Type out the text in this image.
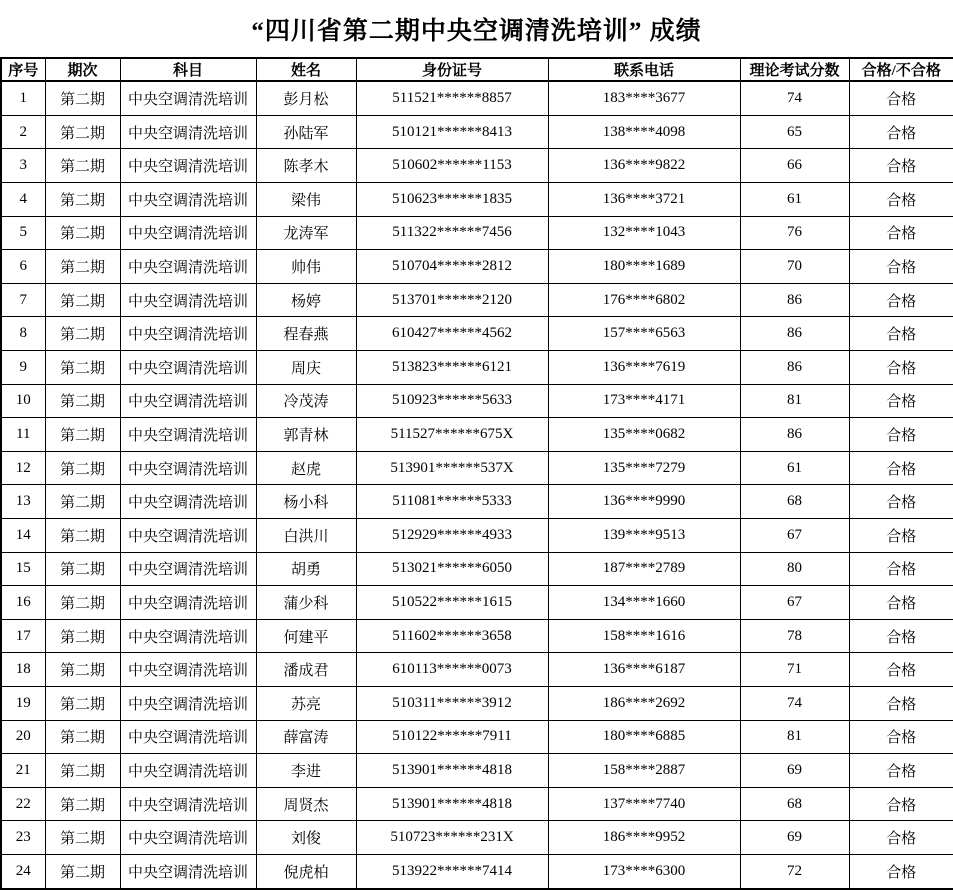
“四川省第二期中央空调清洗培训” 成绩
序号	期次	科目	姓名	身份证号	联系电话	理论考试分数	合格/不合格
1	第二期	中央空调清洗培训	彭月松	511521******8857	183****3677	74	合格
2	第二期	中央空调清洗培训	孙陆军	510121******8413	138****4098	65	合格
3	第二期	中央空调清洗培训	陈孝木	510602******1153	136****9822	66	合格
4	第二期	中央空调清洗培训	梁伟	510623******1835	136****3721	61	合格
5	第二期	中央空调清洗培训	龙涛军	511322******7456	132****1043	76	合格
6	第二期	中央空调清洗培训	帅伟	510704******2812	180****1689	70	合格
7	第二期	中央空调清洗培训	杨婷	513701******2120	176****6802	86	合格
8	第二期	中央空调清洗培训	程春燕	610427******4562	157****6563	86	合格
9	第二期	中央空调清洗培训	周庆	513823******6121	136****7619	86	合格
10	第二期	中央空调清洗培训	冷茂涛	510923******5633	173****4171	81	合格
11	第二期	中央空调清洗培训	郭青林	511527******675X	135****0682	86	合格
12	第二期	中央空调清洗培训	赵虎	513901******537X	135****7279	61	合格
13	第二期	中央空调清洗培训	杨小科	511081******5333	136****9990	68	合格
14	第二期	中央空调清洗培训	白洪川	512929******4933	139****9513	67	合格
15	第二期	中央空调清洗培训	胡勇	513021******6050	187****2789	80	合格
16	第二期	中央空调清洗培训	蒲少科	510522******1615	134****1660	67	合格
17	第二期	中央空调清洗培训	何建平	511602******3658	158****1616	78	合格
18	第二期	中央空调清洗培训	潘成君	610113******0073	136****6187	71	合格
19	第二期	中央空调清洗培训	苏亮	510311******3912	186****2692	74	合格
20	第二期	中央空调清洗培训	薛富涛	510122******7911	180****6885	81	合格
21	第二期	中央空调清洗培训	李进	513901******4818	158****2887	69	合格
22	第二期	中央空调清洗培训	周贤杰	513901******4818	137****7740	68	合格
23	第二期	中央空调清洗培训	刘俊	510723******231X	186****9952	69	合格
24	第二期	中央空调清洗培训	倪虎柏	513922******7414	173****6300	72	合格
